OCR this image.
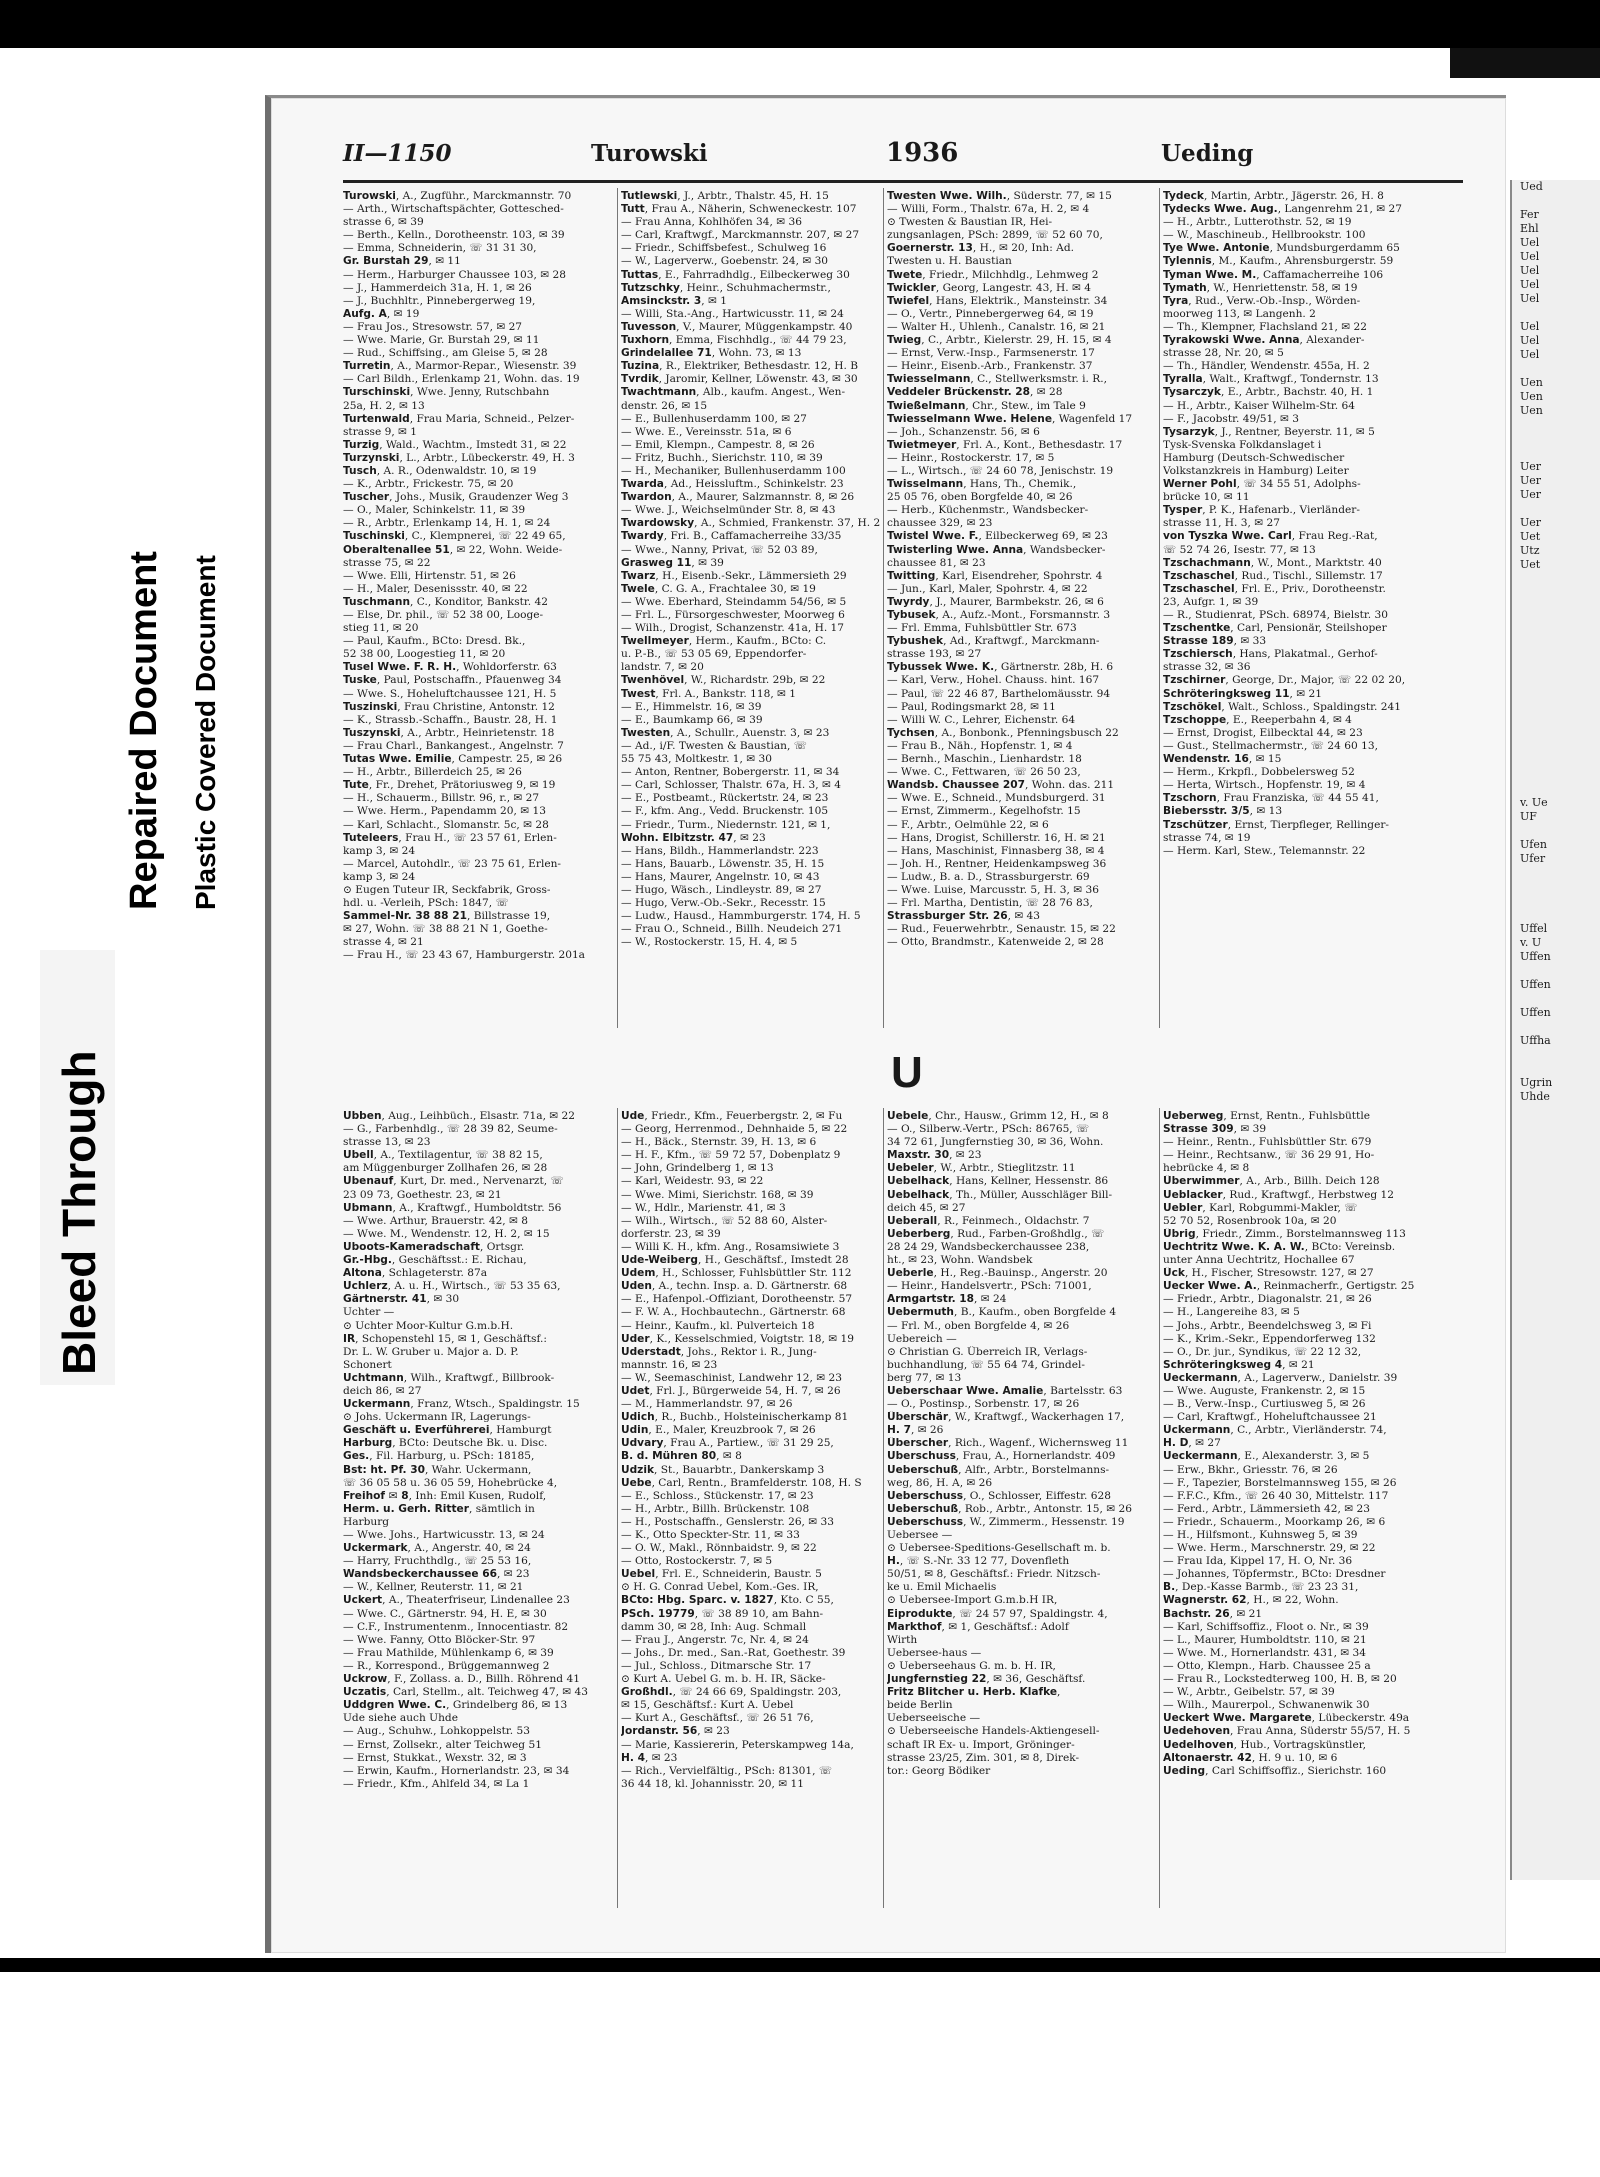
Bleed Through
Repaired Document Plastic Covered Document
II—1150	Turowski	1936	Ueding

Turowski, A., Zugführ., Marckmannstr. 70

— Arth., Wirtschaftspächter, Gottesched-

strasse 6, ✉ 39

— Berth., Kelln., Dorotheenstr. 103, ✉ 39

— Emma, Schneiderin, ☏ 31 31 30,

Gr. Burstah 29, ✉ 11

— Herm., Harburger Chaussee 103, ✉ 28

— J., Hammerdeich 31a, H. 1, ✉ 26

— J., Buchhltr., Pinnebergerweg 19,

Aufg. A, ✉ 19

— Frau Jos., Stresowstr. 57, ✉ 27

— Wwe. Marie, Gr. Burstah 29, ✉ 11

— Rud., Schiffsing., am Gleise 5, ✉ 28

Turretin, A., Marmor-Repar., Wiesenstr. 39

— Carl Bildh., Erlenkamp 21, Wohn. das. 19

Turschinski, Wwe. Jenny, Rutschbahn

25a, H. 2, ✉ 13

Turtenwald, Frau Maria, Schneid., Pelzer-

strasse 9, ✉ 1

Turzig, Wald., Wachtm., Imstedt 31, ✉ 22

Turzynski, L., Arbtr., Lübeckerstr. 49, H. 3

Tusch, A. R., Odenwaldstr. 10, ✉ 19

— K., Arbtr., Frickestr. 75, ✉ 20

Tuscher, Johs., Musik, Graudenzer Weg 3

— O., Maler, Schinkelstr. 11, ✉ 39

— R., Arbtr., Erlenkamp 14, H. 1, ✉ 24

Tuschinski, C., Klempnerei, ☏ 22 49 65,

Oberaltenallee 51, ✉ 22, Wohn. Weide-

strasse 75, ✉ 22

— Wwe. Elli, Hirtenstr. 51, ✉ 26

— H., Maler, Desenissstr. 40, ✉ 22

Tuschmann, C., Konditor, Bankstr. 42

— Else, Dr. phil., ☏ 52 38 00, Looge-

stieg 11, ✉ 20

— Paul, Kaufm., BCto: Dresd. Bk.,

52 38 00, Loogestieg 11, ✉ 20

Tusel Wwe. F. R. H., Wohldorferstr. 63

Tuske, Paul, Postschaffn., Pfauenweg 34

— Wwe. S., Hoheluftchaussee 121, H. 5

Tuszinski, Frau Christine, Antonstr. 12

— K., Strassb.-Schaffn., Baustr. 28, H. 1

Tuszynski, A., Arbtr., Heinrietenstr. 18

— Frau Charl., Bankangest., Angelnstr. 7

Tutas Wwe. Emilie, Campestr. 25, ✉ 26

— H., Arbtr., Billerdeich 25, ✉ 26

Tute, Fr., Drehet, Prätoriusweg 9, ✉ 19

— H., Schauerm., Billstr. 96, r., ✉ 27

— Wwe. Herm., Papendamm 20, ✉ 13

— Karl, Schlacht., Slomanstr. 5c, ✉ 28

Tuteleers, Frau H., ☏ 23 57 61, Erlen-

kamp 3, ✉ 24

— Marcel, Autohdlr., ☏ 23 75 61, Erlen-

kamp 3, ✉ 24

⊙ Eugen Tuteur IR, Seckfabrik, Gross-

hdl. u. -Verleih, PSch: 1847, ☏

Sammel-Nr. 38 88 21, Billstrasse 19,

✉ 27, Wohn. ☏ 38 88 21 N 1, Goethe-

strasse 4, ✉ 21

— Frau H., ☏ 23 43 67, Hamburgerstr. 201a

Tutlewski, J., Arbtr., Thalstr. 45, H. 15

Tutt, Frau A., Näherin, Schweneckestr. 107

— Frau Anna, Kohlhöfen 34, ✉ 36

— Carl, Kraftwgf., Marckmannstr. 207, ✉ 27

— Friedr., Schiffsbefest., Schulweg 16

— W., Lagerverw., Goebenstr. 24, ✉ 30

Tuttas, E., Fahrradhdlg., Eilbeckerweg 30

Tutzschky, Heinr., Schuhmachermstr.,

Amsinckstr. 3, ✉ 1

— Willi, Sta.-Ang., Hartwicusstr. 11, ✉ 24

Tuvesson, V., Maurer, Müggenkampstr. 40

Tuxhorn, Emma, Fischhdlg., ☏ 44 79 23,

Grindelallee 71, Wohn. 73, ✉ 13

Tuzina, R., Elektriker, Bethesdastr. 12, H. B

Tvrdik, Jaromir, Kellner, Löwenstr. 43, ✉ 30

Twachtmann, Alb., kaufm. Angest., Wen-

denstr. 26, ✉ 15

— E., Bullenhuserdamm 100, ✉ 27

— Wwe. E., Vereinsstr. 51a, ✉ 6

— Emil, Klempn., Campestr. 8, ✉ 26

— Fritz, Buchh., Sierichstr. 110, ✉ 39

— H., Mechaniker, Bullenhuserdamm 100

Twarda, Ad., Heissluftm., Schinkelstr. 23

Twardon, A., Maurer, Salzmannstr. 8, ✉ 26

— Wwe. J., Weichselmünder Str. 8, ✉ 43

Twardowsky, A., Schmied, Frankenstr. 37, H. 2

Twardy, Fri. B., Caffamacherreihe 33/35

— Wwe., Nanny, Privat, ☏ 52 03 89,

Grasweg 11, ✉ 39

Twarz, H., Eisenb.-Sekr., Lämmersieth 29

Twele, C. G. A., Frachtalee 30, ✉ 19

— Wwe. Eberhard, Steindamm 54/56, ✉ 5

— Frl. L., Fürsorgeschwester, Moorweg 6

— Wilh., Drogist, Schanzenstr. 41a, H. 17

Twellmeyer, Herm., Kaufm., BCto: C.

u. P.-B., ☏ 53 05 69, Eppendorfer-

landstr. 7, ✉ 20

Twenhövel, W., Richardstr. 29b, ✉ 22

Twest, Frl. A., Bankstr. 118, ✉ 1

— E., Himmelstr. 16, ✉ 39

— E., Baumkamp 66, ✉ 39

Twesten, A., Schullr., Auenstr. 3, ✉ 23

— Ad., i/F. Twesten & Baustian, ☏

55 75 43, Moltkestr. 1, ✉ 30

— Anton, Rentner, Bobergerstr. 11, ✉ 34

— Carl, Schlosser, Thalstr. 67a, H. 3, ✉ 4

— E., Postbeamt., Rückertstr. 24, ✉ 23

— F., kfm. Ang., Vedd. Bruckenstr. 105

— Friedr., Turm., Niedernstr. 121, ✉ 1,

Wohn. Elbitzstr. 47, ✉ 23

— Hans, Bildh., Hammerlandstr. 223

— Hans, Bauarb., Löwenstr. 35, H. 15

— Hans, Maurer, Angelnstr. 10, ✉ 43

— Hugo, Wäsch., Lindleystr. 89, ✉ 27

— Hugo, Verw.-Ob.-Sekr., Recesstr. 15

— Ludw., Hausd., Hammburgerstr. 174, H. 5

— Frau O., Schneid., Billh. Neudeich 271

— W., Rostockerstr. 15, H. 4, ✉ 5

Twesten Wwe. Wilh., Süderstr. 77, ✉ 15

— Willi, Form., Thalstr. 67a, H. 2, ✉ 4

⊙ Twesten & Baustian IR, Hei-

zungsanlagen, PSch: 2899, ☏ 52 60 70,

Goernerstr. 13, H., ✉ 20, Inh: Ad.

Twesten u. H. Baustian

Twete, Friedr., Milchhdlg., Lehmweg 2

Twickler, Georg, Langestr. 43, H. ✉ 4

Twiefel, Hans, Elektrik., Mansteinstr. 34

— O., Vertr., Pinnebergerweg 64, ✉ 19

— Walter H., Uhlenh., Canalstr. 16, ✉ 21

Twieg, C., Arbtr., Kielerstr. 29, H. 15, ✉ 4

— Ernst, Verw.-Insp., Farmsenerstr. 17

— Heinr., Eisenb.-Arb., Frankenstr. 37

Twiesselmann, C., Stellwerksmstr. i. R.,

Veddeler Brückenstr. 28, ✉ 28

Twießelmann, Chr., Stew., im Tale 9

Twiesselmann Wwe. Helene, Wagenfeld 17

— Joh., Schanzenstr. 56, ✉ 6

Twietmeyer, Frl. A., Kont., Bethesdastr. 17

— Heinr., Rostockerstr. 17, ✉ 5

— L., Wirtsch., ☏ 24 60 78, Jenischstr. 19

Twisselmann, Hans, Th., Chemik.,

25 05 76, oben Borgfelde 40, ✉ 26

— Herb., Küchenmstr., Wandsbecker-

chaussee 329, ✉ 23

Twistel Wwe. F., Eilbeckerweg 69, ✉ 23

Twisterling Wwe. Anna, Wandsbecker-

chaussee 81, ✉ 23

Twitting, Karl, Eisendreher, Spohrstr. 4

— Jun., Karl, Maler, Spohrstr. 4, ✉ 22

Twyrdy, J., Maurer, Barmbekstr. 26, ✉ 6

Tybusek, A., Aufz.-Mont., Forsmannstr. 3

— Frl. Emma, Fuhlsbüttler Str. 673

Tybushek, Ad., Kraftwgf., Marckmann-

strasse 193, ✉ 27

Tybussek Wwe. K., Gärtnerstr. 28b, H. 6

— Karl, Verw., Hohel. Chauss. hint. 167

— Paul, ☏ 22 46 87, Barthelomäusstr. 94

— Paul, Rodingsmarkt 28, ✉ 11

— Willi W. C., Lehrer, Eichenstr. 64

Tychsen, A., Bonbonk., Pfenningsbusch 22

— Frau B., Näh., Hopfenstr. 1, ✉ 4

— Bernh., Maschin., Lienhardstr. 18

— Wwe. C., Fettwaren, ☏ 26 50 23,

Wandsb. Chaussee 207, Wohn. das. 211

— Wwe. E., Schneid., Mundsburgerd. 31

— Ernst, Zimmerm., Kegelhofstr. 15

— F., Arbtr., Oelmühle 22, ✉ 6

— Hans, Drogist, Schillerstr. 16, H. ✉ 21

— Hans, Maschinist, Finnasberg 38, ✉ 4

— Joh. H., Rentner, Heidenkampsweg 36

— Ludw., B. a. D., Strassburgerstr. 69

— Wwe. Luise, Marcusstr. 5, H. 3, ✉ 36

— Frl. Martha, Dentistin, ☏ 28 76 83,

Strassburger Str. 26, ✉ 43

— Rud., Feuerwehrbtr., Senaustr. 15, ✉ 22

— Otto, Brandmstr., Katenweide 2, ✉ 28

Tydeck, Martin, Arbtr., Jägerstr. 26, H. 8

Tydecks Wwe. Aug., Langenrehm 21, ✉ 27

— H., Arbtr., Lutterothstr. 52, ✉ 19

— W., Maschineub., Hellbrookstr. 100

Tye Wwe. Antonie, Mundsburgerdamm 65

Tylennis, M., Kaufm., Ahrensburgerstr. 59

Tyman Wwe. M., Caffamacherreihe 106

Tymath, W., Henriettenstr. 58, ✉ 19

Tyra, Rud., Verw.-Ob.-Insp., Wörden-

moorweg 113, ✉ Langenh. 2

— Th., Klempner, Flachsland 21, ✉ 22

Tyrakowski Wwe. Anna, Alexander-

strasse 28, Nr. 20, ✉ 5

— Th., Händler, Wendenstr. 455a, H. 2

Tyralla, Walt., Kraftwgf., Tondernstr. 13

Tysarczyk, E., Arbtr., Bachstr. 40, H. 1

— H., Arbtr., Kaiser Wilhelm-Str. 64

— F., Jacobstr. 49/51, ✉ 3

Tysarzyk, J., Rentner, Beyerstr. 11, ✉ 5

Tysk-Svenska Folkdanslaget i

Hamburg (Deutsch-Schwedischer

Volkstanzkreis in Hamburg) Leiter

Werner Pohl, ☏ 34 55 51, Adolphs-

brücke 10, ✉ 11

Tysper, P. K., Hafenarb., Vierländer-

strasse 11, H. 3, ✉ 27

von Tyszka Wwe. Carl, Frau Reg.-Rat,

☏ 52 74 26, Isestr. 77, ✉ 13

Tzschachmann, W., Mont., Marktstr. 40

Tzschaschel, Rud., Tischl., Sillemstr. 17

Tzschaschel, Frl. E., Priv., Dorotheenstr.

23, Aufgr. 1, ✉ 39

— R., Studienrat, PSch. 68974, Bielstr. 30

Tzschentke, Carl, Pensionär, Steilshoper

Strasse 189, ✉ 33

Tzschiersch, Hans, Plakatmal., Gerhof-

strasse 32, ✉ 36

Tzschirner, George, Dr., Major, ☏ 22 02 20,

Schröteringksweg 11, ✉ 21

Tzschökel, Walt., Schloss., Spaldingstr. 241

Tzschoppe, E., Reeperbahn 4, ✉ 4

— Ernst, Drogist, Eilbecktal 44, ✉ 23

— Gust., Stellmachermstr., ☏ 24 60 13,

Wendenstr. 16, ✉ 15

— Herm., Krkpfl., Dobbelersweg 52

— Herta, Wirtsch., Hopfenstr. 19, ✉ 4

Tzschorn, Frau Franziska, ☏ 44 55 41,

Biebersstr. 3/5, ✉ 13

Tzschützer, Ernst, Tierpfleger, Rellinger-

strasse 74, ✉ 19

— Herm. Karl, Stew., Telemannstr. 22

U

Ubben, Aug., Leihbüch., Elsastr. 71a, ✉ 22

— G., Farbenhdlg., ☏ 28 39 82, Seume-

strasse 13, ✉ 23

Ubell, A., Textilagentur, ☏ 38 82 15,

am Müggenburger Zollhafen 26, ✉ 28

Ubenauf, Kurt, Dr. med., Nervenarzt, ☏

23 09 73, Goethestr. 23, ✉ 21

Ubmann, A., Kraftwgf., Humboldtstr. 56

— Wwe. Arthur, Brauerstr. 42, ✉ 8

— Wwe. M., Wendenstr. 12, H. 2, ✉ 15

Uboots-Kameradschaft, Ortsgr.

Gr.-Hbg., Geschäftsst.: E. Richau,

Altona, Schlageterstr. 87a

Uchlerz, A. u. H., Wirtsch., ☏ 53 35 63,

Gärtnerstr. 41, ✉ 30

Uchter —

⊙ Uchter Moor-Kultur G.m.b.H.

IR, Schopenstehl 15, ✉ 1, Geschäftsf.:

Dr. L. W. Gruber u. Major a. D. P.

Schonert

Uchtmann, Wilh., Kraftwgf., Billbrook-

deich 86, ✉ 27

Uckermann, Franz, Wtsch., Spaldingstr. 15

⊙ Johs. Uckermann IR, Lagerungs-

Geschäft u. Everführerei, Hamburgt

Harburg, BCto: Deutsche Bk. u. Disc.

Ges., Fil. Harburg, u. PSch: 18185,

Bst: ht. Pf. 30, Wahr. Uckermann,

☏ 36 05 58 u. 36 05 59, Hohebrücke 4,

Freihof ✉ 8, Inh: Emil Kusen, Rudolf,

Herm. u. Gerh. Ritter, sämtlich in

Harburg

— Wwe. Johs., Hartwicusstr. 13, ✉ 24

Uckermark, A., Angerstr. 40, ✉ 24

— Harry, Fruchthdlg., ☏ 25 53 16,

Wandsbeckerchaussee 66, ✉ 23

— W., Kellner, Reuterstr. 11, ✉ 21

Uckert, A., Theaterfriseur, Lindenallee 23

— Wwe. C., Gärtnerstr. 94, H. E, ✉ 30

— C.F., Instrumentenm., Innocentiastr. 82

— Wwe. Fanny, Otto Blöcker-Str. 97

— Frau Mathilde, Mühlenkamp 6, ✉ 39

— R., Korrespond., Brüggemannweg 2

Uckrow, F., Zollass. a. D., Billh. Röhrend 41

Uczatis, Carl, Stellm., alt. Teichweg 47, ✉ 43

Uddgren Wwe. C., Grindelberg 86, ✉ 13

Ude siehe auch Uhde

— Aug., Schuhw., Lohkoppelstr. 53

— Ernst, Zollsekr., alter Teichweg 51

— Ernst, Stukkat., Wexstr. 32, ✉ 3

— Erwin, Kaufm., Hornerlandstr. 23, ✉ 34

— Friedr., Kfm., Ahlfeld 34, ✉ La 1

Ude, Friedr., Kfm., Feuerbergstr. 2, ✉ Fu

— Georg, Herrenmod., Dehnhaide 5, ✉ 22

— H., Bäck., Sternstr. 39, H. 13, ✉ 6

— H. F., Kfm., ☏ 59 72 57, Dobenplatz 9

— John, Grindelberg 1, ✉ 13

— Karl, Weidestr. 93, ✉ 22

— Wwe. Mimi, Sierichstr. 168, ✉ 39

— W., Hdlr., Marienstr. 41, ✉ 3

— Wilh., Wirtsch., ☏ 52 88 60, Alster-

dorferstr. 23, ✉ 39

— Willi K. H., kfm. Ang., Rosamsiwiete 3

Ude-Weiberg, H., Geschäftsf., Imstedt 28

Udem, H., Schlosser, Fuhlsbüttler Str. 112

Uden, A., techn. Insp. a. D. Gärtnerstr. 68

— E., Hafenpol.-Offiziant, Dorotheenstr. 57

— F. W. A., Hochbautechn., Gärtnerstr. 68

— Heinr., Kaufm., kl. Pulverteich 18

Uder, K., Kesselschmied, Voigtstr. 18, ✉ 19

Uderstadt, Johs., Rektor i. R., Jung-

mannstr. 16, ✉ 23

— W., Seemaschinist, Landwehr 12, ✉ 23

Udet, Frl. J., Bürgerweide 54, H. 7, ✉ 26

— M., Hammerlandstr. 97, ✉ 26

Udich, R., Buchb., Holsteinischerkamp 81

Udin, E., Maler, Kreuzbrook 7, ✉ 26

Udvary, Frau A., Partiew., ☏ 31 29 25,

B. d. Mühren 80, ✉ 8

Udzik, St., Bauarbtr., Dankerskamp 3

Uebe, Carl, Rentn., Bramfelderstr. 108, H. S

— E., Schloss., Stückenstr. 17, ✉ 23

— H., Arbtr., Billh. Brückenstr. 108

— H., Postschaffn., Genslerstr. 26, ✉ 33

— K., Otto Speckter-Str. 11, ✉ 33

— O. W., Makl., Rönnbaidstr. 9, ✉ 22

— Otto, Rostockerstr. 7, ✉ 5

Uebel, Frl. E., Schneiderin, Baustr. 5

⊙ H. G. Conrad Uebel, Kom.-Ges. IR,

BCto: Hbg. Sparc. v. 1827, Kto. C 55,

PSch. 19779, ☏ 38 89 10, am Bahn-

damm 30, ✉ 28, Inh: Aug. Schmall

— Frau J., Angerstr. 7c, Nr. 4, ✉ 24

— Johs., Dr. med., San.-Rat, Goethestr. 39

— Jul., Schloss., Ditmarsche Str. 17

⊙ Kurt A. Uebel G. m. b. H. IR, Säcke-

Großhdl., ☏ 24 66 69, Spaldingstr. 203,

✉ 15, Geschäftsf.: Kurt A. Uebel

— Kurt A., Geschäftsf., ☏ 26 51 76,

Jordanstr. 56, ✉ 23

— Marie, Kassiererin, Peterskampweg 14a,

H. 4, ✉ 23

— Rich., Vervielfältig., PSch: 81301, ☏

36 44 18, kl. Johannisstr. 20, ✉ 11

Uebele, Chr., Hausw., Grimm 12, H., ✉ 8

— O., Silberw.-Vertr., PSch: 86765, ☏

34 72 61, Jungfernstieg 30, ✉ 36, Wohn.

Maxstr. 30, ✉ 23

Uebeler, W., Arbtr., Stieglitzstr. 11

Uebelhack, Hans, Kellner, Hessenstr. 86

Uebelhack, Th., Müller, Ausschläger Bill-

deich 45, ✉ 27

Ueberall, R., Feinmech., Oldachstr. 7

Ueberberg, Rud., Farben-Großhdlg., ☏

28 24 29, Wandsbeckerchaussee 238,

ht., ✉ 23, Wohn. Wandsbek

Ueberle, H., Reg.-Bauinsp., Angerstr. 20

— Heinr., Handelsvertr., PSch: 71001,

Armgartstr. 18, ✉ 24

Uebermuth, B., Kaufm., oben Borgfelde 4

— Frl. M., oben Borgfelde 4, ✉ 26

Uebereich —

⊙ Christian G. Überreich IR, Verlags-

buchhandlung, ☏ 55 64 74, Grindel-

berg 77, ✉ 13

Ueberschaar Wwe. Amalie, Bartelsstr. 63

— O., Postinsp., Sorbenstr. 17, ✉ 26

Überschär, W., Kraftwgf., Wackerhagen 17,

H. 7, ✉ 26

Überscher, Rich., Wagenf., Wichernsweg 11

Uberschuss, Frau, A., Hornerlandstr. 409

Ueberschuß, Alfr., Arbtr., Borstelmanns-

weg, 86, H. A, ✉ 26

Ueberschuss, O., Schlosser, Eiffestr. 628

Ueberschuß, Rob., Arbtr., Antonstr. 15, ✉ 26

Ueberschuss, W., Zimmerm., Hessenstr. 19

Uebersee —

⊙ Uebersee-Speditions-Gesellschaft m. b.

H., ☏ S.-Nr. 33 12 77, Dovenfleth

50/51, ✉ 8, Geschäftsf.: Friedr. Nitzsch-

ke u. Emil Michaelis

⊙ Uebersee-Import G.m.b.H IR,

Eiprodukte, ☏ 24 57 97, Spaldingstr. 4,

Markthof, ✉ 1, Geschäftsf.: Adolf

Wirth

Uebersee-haus —

⊙ Ueberseehaus G. m. b. H. IR,

Jungfernstieg 22, ✉ 36, Geschäftsf.

Fritz Blitcher u. Herb. Klafke,

beide Berlin

Ueberseeische —

⊙ Ueberseeische Handels-Aktiengesell-

schaft IR Ex- u. Import, Gröninger-

strasse 23/25, Zim. 301, ✉ 8, Direk-

tor.: Georg Bödiker

Ueberweg, Ernst, Rentn., Fuhlsbüttle

Strasse 309, ✉ 39

— Heinr., Rentn., Fuhlsbüttler Str. 679

— Heinr., Rechtsanw., ☏ 36 29 91, Ho-

hebrücke 4, ✉ 8

Überwimmer, A., Arb., Billh. Deich 128

Ueblacker, Rud., Kraftwgf., Herbstweg 12

Uebler, Karl, Robgummi-Makler, ☏

52 70 52, Rosenbrook 10a, ✉ 20

Übrig, Friedr., Zimm., Borstelmannsweg 113

Uechtritz Wwe. K. A. W., BCto: Vereinsb.

unter Anna Uechtritz, Hochallee 67

Ück, H., Fischer, Stresowstr. 127, ✉ 27

Uecker Wwe. A., Reinmacherfr., Gertigstr. 25

— Friedr., Arbtr., Diagonalstr. 21, ✉ 26

— H., Langereihe 83, ✉ 5

— Johs., Arbtr., Beendelchsweg 3, ✉ Fi

— K., Krim.-Sekr., Eppendorferweg 132

— O., Dr. jur., Syndikus, ☏ 22 12 32,

Schröteringksweg 4, ✉ 21

Ueckermann, A., Lagerverw., Danielstr. 39

— Wwe. Auguste, Frankenstr. 2, ✉ 15

— B., Verw.-Insp., Curtiusweg 5, ✉ 26

— Carl, Kraftwgf., Hoheluftchaussee 21

Ückermann, C., Arbtr., Vierländerstr. 74,

H. D, ✉ 27

Ueckermann, E., Alexanderstr. 3, ✉ 5

— Erw., Bkhr., Griesstr. 76, ✉ 26

— F., Tapezier, Borstelmannsweg 155, ✉ 26

— F.F.C., Kfm., ☏ 26 40 30, Mittelstr. 117

— Ferd., Arbtr., Lämmersieth 42, ✉ 23

— Friedr., Schauerm., Moorkamp 26, ✉ 6

— H., Hilfsmont., Kuhnsweg 5, ✉ 39

— Wwe. Herm., Marschnerstr. 29, ✉ 22

— Frau Ida, Kippel 17, H. O, Nr. 36

— Johannes, Töpfermstr., BCto: Dresdner

B., Dep.-Kasse Barmb., ☏ 23 23 31,

Wagnerstr. 62, H., ✉ 22, Wohn.

Bachstr. 26, ✉ 21

— Karl, Schiffsoffiz., Floot o. Nr., ✉ 39

— L., Maurer, Humboldtstr. 110, ✉ 21

— Wwe. M., Hornerlandstr. 431, ✉ 34

— Otto, Klempn., Harb. Chaussee 25 a

— Frau R., Lockstedterweg 100, H. B, ✉ 20

— W., Arbtr., Geibelstr. 57, ✉ 39

— Wilh., Maurerpol., Schwanenwik 30

Ueckert Wwe. Margarete, Lübeckerstr. 49a

Uedehoven, Frau Anna, Süderstr 55/57, H. 5

Uedelhoven, Hub., Vortragskünstler,

Altonaerstr. 42, H. 9 u. 10, ✉ 6

Ueding, Carl Schiffsoffiz., Sierichstr. 160

Ued

Fer

Ehl

Uel

Uel

Uel

Uel

Uel

Uel

Uel

Uel

Uen

Uen

Uen

Uer

Uer

Uer

Uer

Uet

Utz

Uet

v. Ue

UF

Ufen

Ufer

Uffel

v. U

Uffen

Uffen

Uffen

Uffha

Ugrin

Uhde
